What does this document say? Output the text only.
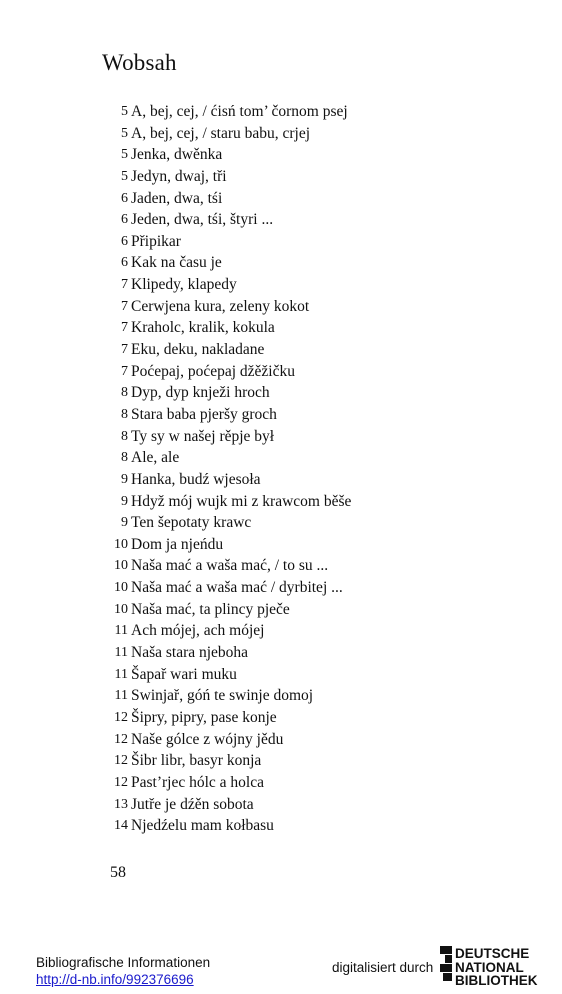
Wobsah
5 A, bej, cej, / ćisń tom’ čornom psej
5 A, bej, cej, / staru babu, crjej
5 Jenka, dwěnka
5 Jedyn, dwaj, tři
6 Jaden, dwa, tśi
6 Jeden, dwa, tśi, štyri ...
6 Připikar
6 Kak na času je
7 Klipedy, klapedy
7 Cerwjena kura, zeleny kokot
7 Kraholc, kralik, kokula
7 Eku, deku, nakladane
7 Poćepaj, poćepaj džěžičku
8 Dyp, dyp knježi hroch
8 Stara baba pjeršy groch
8 Ty sy w našej rěpje był
8 Ale, ale
9 Hanka, budź wjesoła
9 Hdyž mój wujk mi z krawcom běše
9 Ten šepotaty krawc
10 Dom ja njeńdu
10 Naša mać a waša mać, / to su ...
10 Naša mać a waša mać / dyrbitej ...
10 Naša mać, ta plincy pječe
11 Ach mójej, ach mójej
11 Naša stara njeboha
11 Šapař wari muku
11 Swinjař, góń te swinje domoj
12 Šipry, pipry, pase konje
12 Naše gólce z wójny jědu
12 Šibr libr, basyr konja
12 Past’rjec hólc a holca
13 Jutře je dźěn sobota
14 Njedźelu mam kołbasu
58
Bibliografische Informationen
http://d-nb.info/992376696
digitalisiert durch
DEUTSCHE
NATIONAL
BIBLIOTHEK
